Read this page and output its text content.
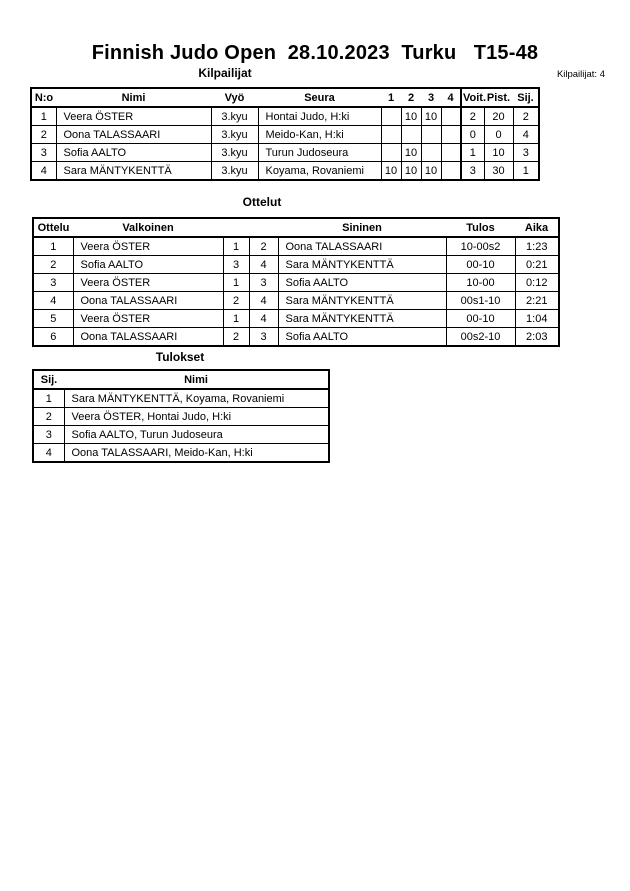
Finnish Judo Open  28.10.2023  Turku   T15-48
Kilpailijat	Kilpailijat: 4
N:o	Nimi	Vyö	Seura	1	2	3	4	Voit.	Pist.	Sij.
1	Veera ÖSTER	3.kyu	Hontai Judo, H:ki		10	10		2	20	2
2	Oona TALASSAARI	3.kyu	Meido-Kan, H:ki					0	0	4
3	Sofia AALTO	3.kyu	Turun Judoseura		10			1	10	3
4	Sara MÄNTYKENTTÄ	3.kyu	Koyama, Rovaniemi	10	10	10		3	30	1
Ottelut
Ottelu	Valkoinen			Sininen	Tulos	Aika
1	Veera ÖSTER	1	2	Oona TALASSAARI	10-00s2	1:23
2	Sofia AALTO	3	4	Sara MÄNTYKENTTÄ	00-10	0:21
3	Veera ÖSTER	1	3	Sofia AALTO	10-00	0:12
4	Oona TALASSAARI	2	4	Sara MÄNTYKENTTÄ	00s1-10	2:21
5	Veera ÖSTER	1	4	Sara MÄNTYKENTTÄ	00-10	1:04
6	Oona TALASSAARI	2	3	Sofia AALTO	00s2-10	2:03
Tulokset
Sij.	Nimi
1	Sara MÄNTYKENTTÄ, Koyama, Rovaniemi
2	Veera ÖSTER, Hontai Judo, H:ki
3	Sofia AALTO, Turun Judoseura
4	Oona TALASSAARI, Meido-Kan, H:ki
